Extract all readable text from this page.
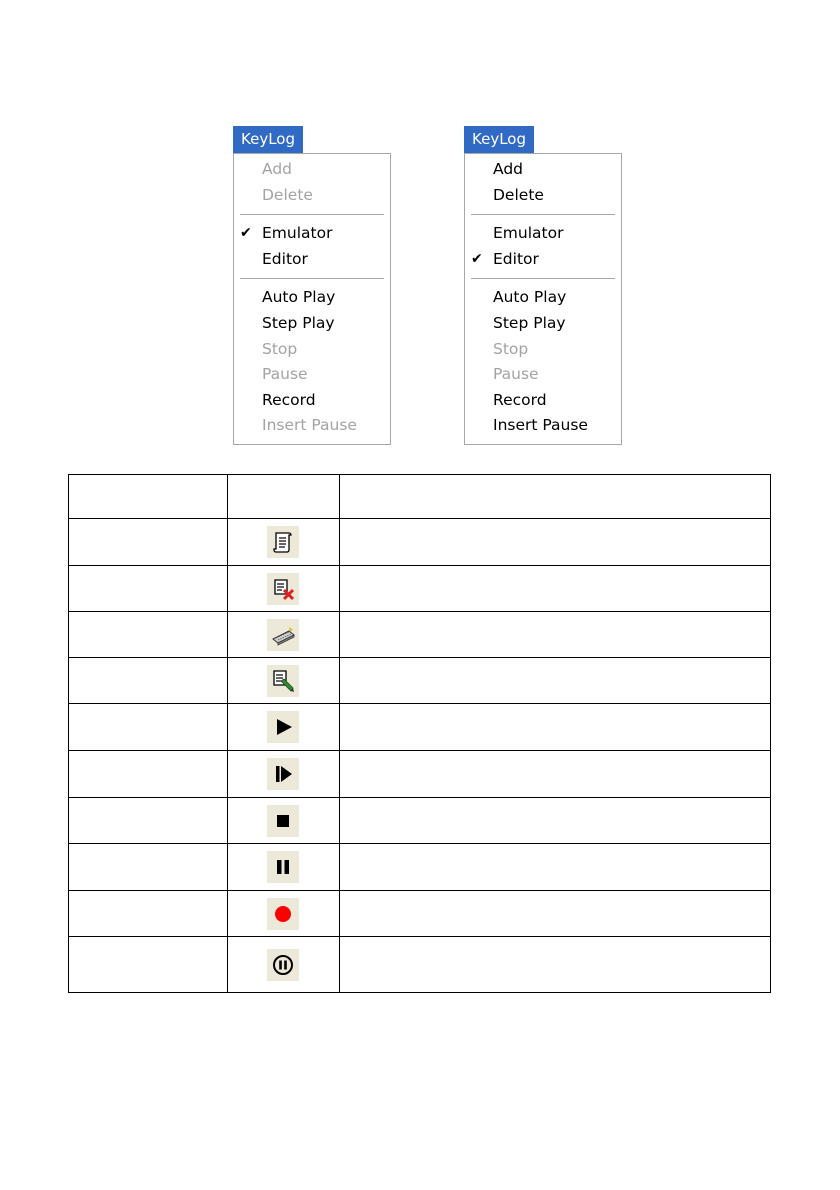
KeyLog
Add
Delete
✔ Emulator
Editor
Auto Play
Step Play
Stop
Pause
Record
Insert Pause
KeyLog
Add
Delete
Emulator
✔ Editor
Auto Play
Step Play
Stop
Pause
Record
Insert Pause
